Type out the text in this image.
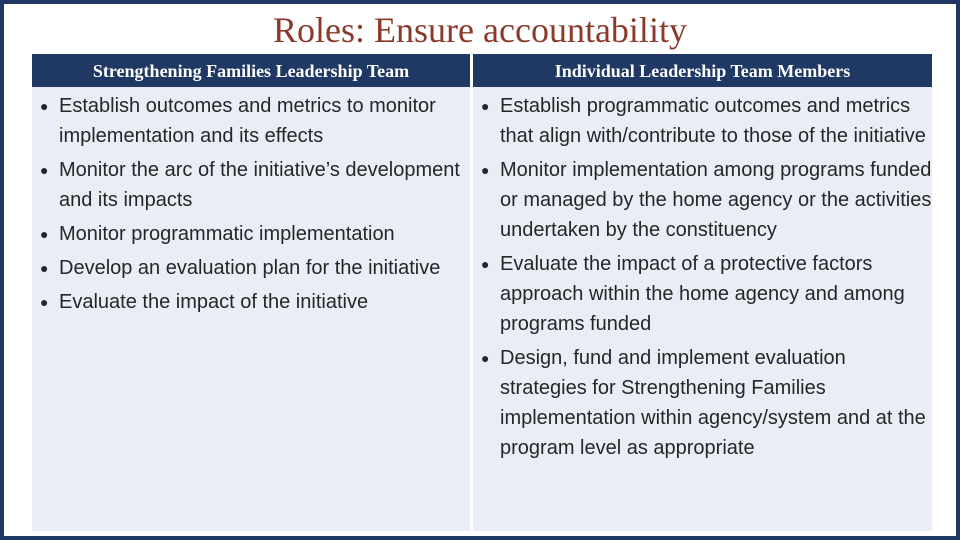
Roles: Ensure accountability
Strengthening Families Leadership Team	Individual Leadership Team Members
● Establish outcomes and metrics to monitor implementation and its effects
● Monitor the arc of the initiative’s development and its impacts
● Monitor programmatic implementation
● Develop an evaluation plan for the initiative
● Evaluate the impact of the initiative
● Establish programmatic outcomes and metrics that align with/contribute to those of the initiative
● Monitor implementation among programs funded or managed by the home agency or the activities undertaken by the constituency
● Evaluate the impact of a protective factors approach within the home agency and among programs funded
● Design, fund and implement evaluation strategies for Strengthening Families implementation within agency/system and at the program level as appropriate
